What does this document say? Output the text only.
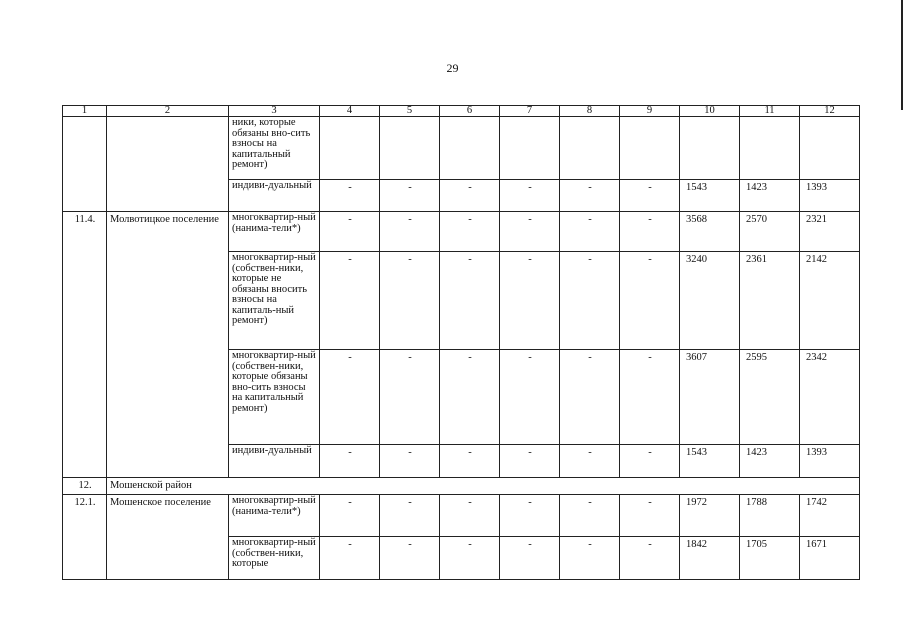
29
1	2	3	4	5	6	7	8	9	10	11	12
		ники, которые обязаны вно-сить взносы на капитальный ремонт)									
		индиви-дуальный	-	-	-	-	-	-	1543	1423	1393
11.4.	Молвотицкое поселение	многоквартир-ный (нанима-тели*)	-	-	-	-	-	-	3568	2570	2321
		многоквартир-ный (собствен-ники, которые не обязаны вносить взносы на капиталь-ный ремонт)	-	-	-	-	-	-	3240	2361	2142
		многоквартир-ный (собствен-ники, которые обязаны вно-сить взносы на капитальный ремонт)	-	-	-	-	-	-	3607	2595	2342
		индиви-дуальный	-	-	-	-	-	-	1543	1423	1393
12.	Мошенской район										
12.1.	Мошенское поселение	многоквартир-ный (нанима-тели*)	-	-	-	-	-	-	1972	1788	1742
		многоквартир-ный (собствен-ники, которые	-	-	-	-	-	-	1842	1705	1671
